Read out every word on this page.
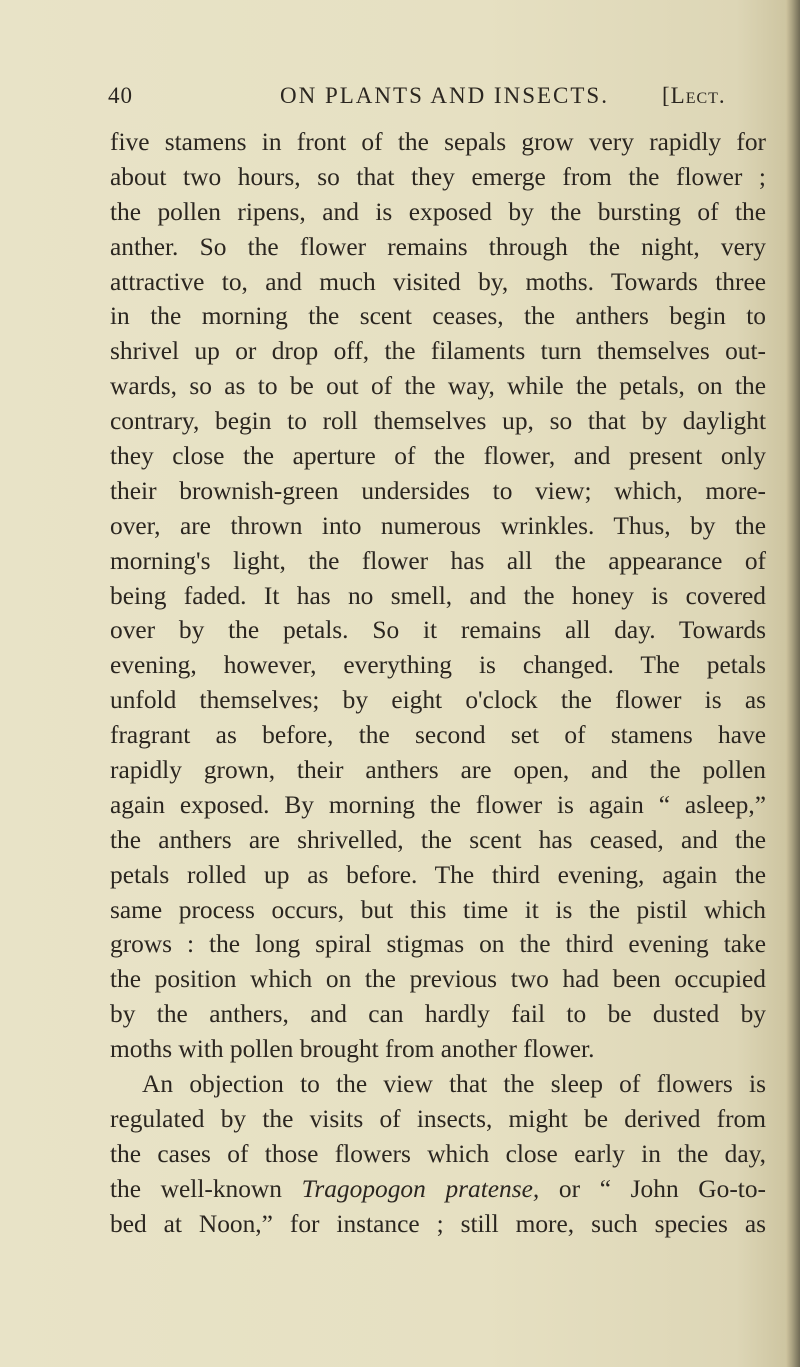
40	ON PLANTS AND INSECTS. [Lect.
five stamens in front of the sepals grow very rapidly for
about two hours, so that they emerge from the flower ;
the pollen ripens, and is exposed by the bursting of the
anther. So the flower remains through the night, very
attractive to, and much visited by, moths. Towards three
in the morning the scent ceases, the anthers begin to
shrivel up or drop off, the filaments turn themselves out-
wards, so as to be out of the way, while the petals, on the
contrary, begin to roll themselves up, so that by daylight
they close the aperture of the flower, and present only
their brownish-green undersides to view; which, more-
over, are thrown into numerous wrinkles. Thus, by the
morning's light, the flower has all the appearance of
being faded. It has no smell, and the honey is covered
over by the petals. So it remains all day. Towards
evening, however, everything is changed. The petals
unfold themselves; by eight o'clock the flower is as
fragrant as before, the second set of stamens have
rapidly grown, their anthers are open, and the pollen
again exposed. By morning the flower is again “ asleep,”
the anthers are shrivelled, the scent has ceased, and the
petals rolled up as before. The third evening, again the
same process occurs, but this time it is the pistil which
grows : the long spiral stigmas on the third evening take
the position which on the previous two had been occupied
by the anthers, and can hardly fail to be dusted by
moths with pollen brought from another flower.
An objection to the view that the sleep of flowers is
regulated by the visits of insects, might be derived from
the cases of those flowers which close early in the day,
the well-known Tragopogon pratense, or “ John Go-to-
bed at Noon,” for instance ; still more, such species as
